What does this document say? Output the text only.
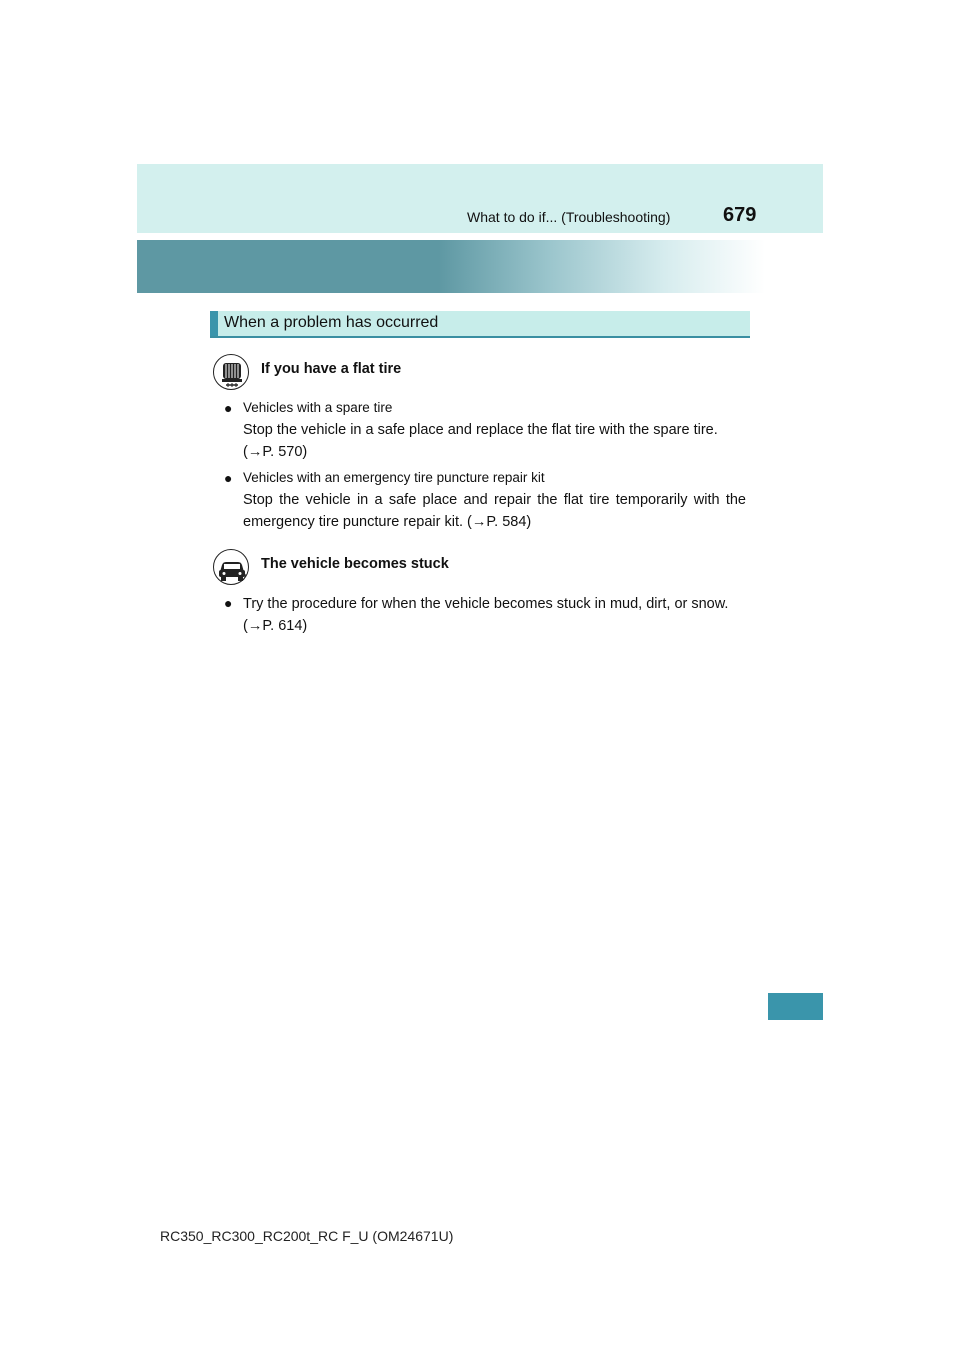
What to do if... (Troubleshooting)	679
When a problem has occurred
If you have a flat tire
● Vehicles with a spare tire
Stop the vehicle in a safe place and replace the flat tire with the spare tire.
(→P. 570)
● Vehicles with an emergency tire puncture repair kit
Stop the vehicle in a safe place and repair the flat tire temporarily with the emergency tire puncture repair kit. (→P. 584)
The vehicle becomes stuck
● Try the procedure for when the vehicle becomes stuck in mud, dirt, or snow.
(→P. 614)
RC350_RC300_RC200t_RC F_U (OM24671U)
